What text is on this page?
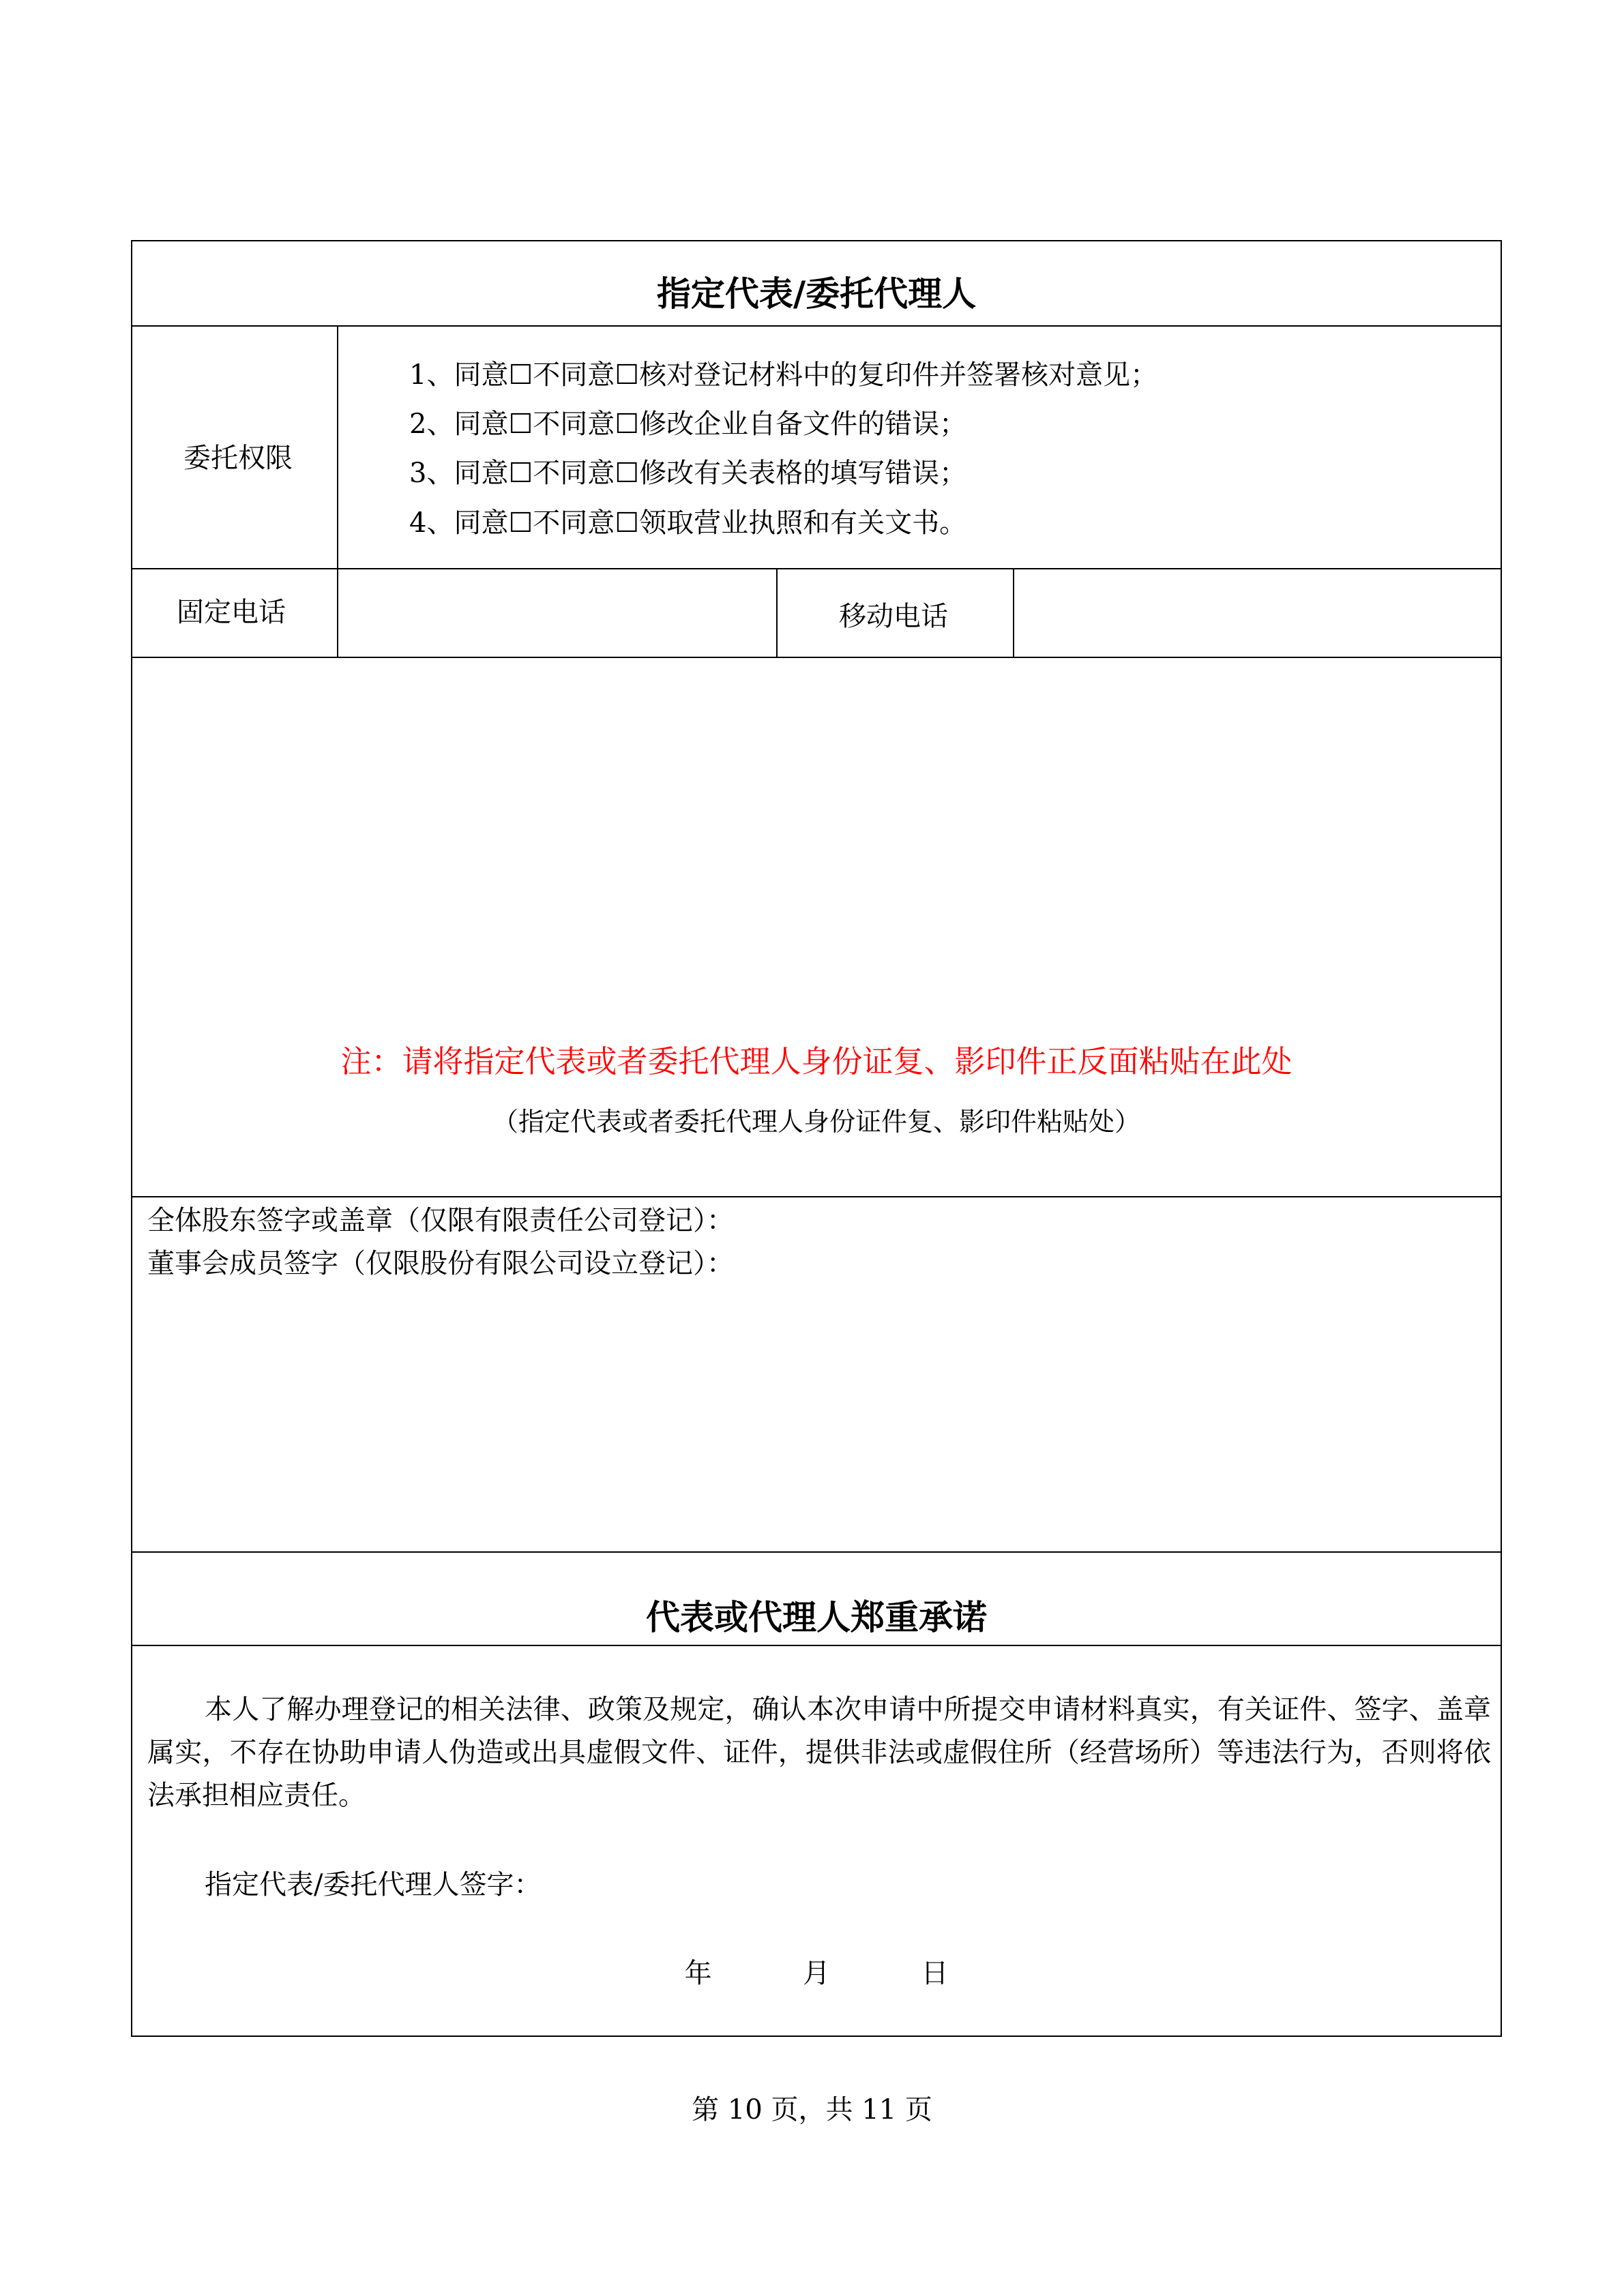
指定代表/委托代理人
委托权限
1、同意☐不同意☐核对登记材料中的复印件并签署核对意见；
2、同意☐不同意☐修改企业自备文件的错误；
3、同意☐不同意☐修改有关表格的填写错误；
4、同意☐不同意☐领取营业执照和有关文书。
固定电话	移动电话
注：请将指定代表或者委托代理人身份证复、影印件正反面粘贴在此处
（指定代表或者委托代理人身份证件复、影印件粘贴处）
全体股东签字或盖章（仅限有限责任公司登记）：
董事会成员签字（仅限股份有限公司设立登记）：
代表或代理人郑重承诺
本人了解办理登记的相关法律、政策及规定，确认本次申请中所提交申请材料真实，有关证件、签字、盖章属实，不存在协助申请人伪造或出具虚假文件、证件，提供非法或虚假住所（经营场所）等违法行为，否则将依法承担相应责任。
指定代表/委托代理人签字：
年	月	日
第 10 页，共 11 页
